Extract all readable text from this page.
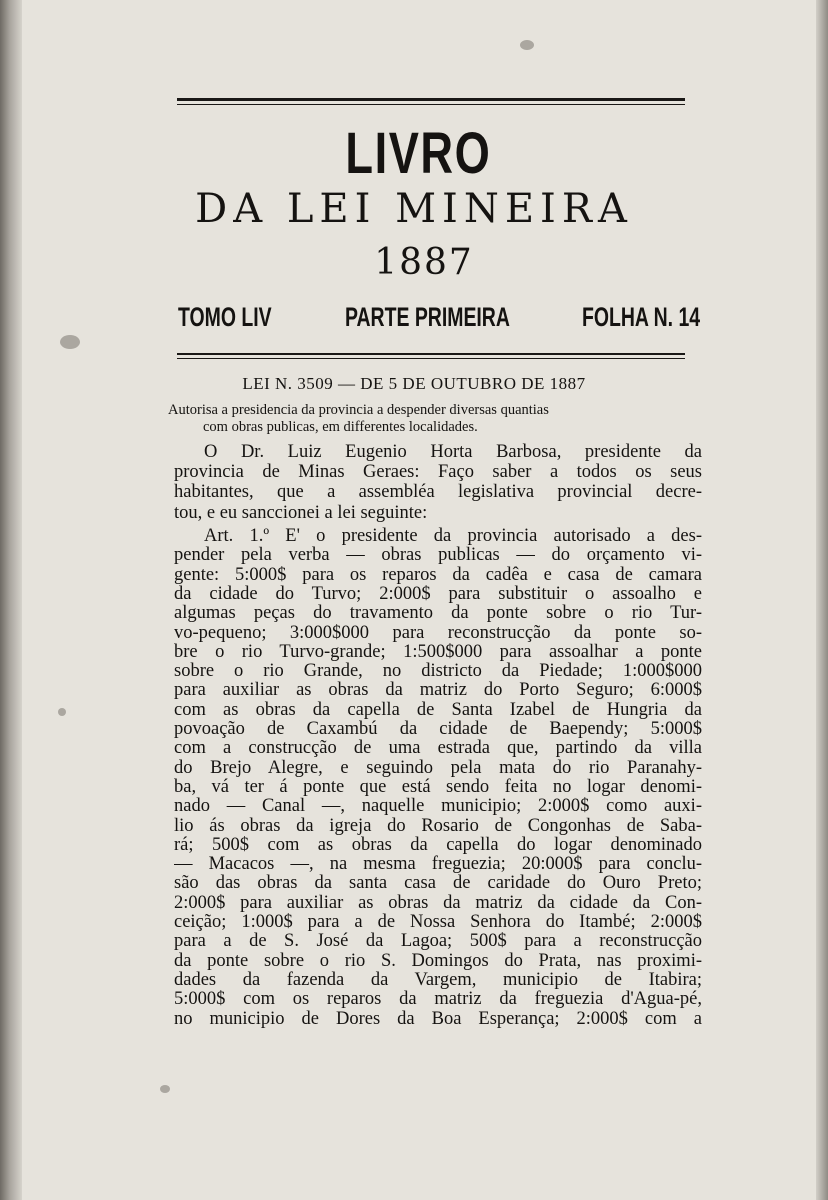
LIVRO
DA LEI MINEIRA
1887
TOMO LIV	PARTE PRIMEIRA	FOLHA N. 14
LEI N. 3509 — DE 5 DE OUTUBRO DE 1887
Autorisa a presidencia da provincia a despender diversas quantias
com obras publicas, em differentes localidades.
O Dr. Luiz Eugenio Horta Barbosa, presidente da
provincia de Minas Geraes: Faço saber a todos os seus
habitantes, que a assembléa legislativa provincial decre-
tou, e eu sanccionei a lei seguinte:
Art. 1.º E' o presidente da provincia autorisado a des-
pender pela verba — obras publicas — do orçamento vi-
gente: 5:000$ para os reparos da cadêa e casa de camara
da cidade do Turvo; 2:000$ para substituir o assoalho e
algumas peças do travamento da ponte sobre o rio Tur-
vo-pequeno; 3:000$000 para reconstrucção da ponte so-
bre o rio Turvo-grande; 1:500$000 para assoalhar a ponte
sobre o rio Grande, no districto da Piedade; 1:000$000
para auxiliar as obras da matriz do Porto Seguro; 6:000$
com as obras da capella de Santa Izabel de Hungria da
povoação de Caxambú da cidade de Baependy; 5:000$
com a construcção de uma estrada que, partindo da villa
do Brejo Alegre, e seguindo pela mata do rio Paranahy-
ba, vá ter á ponte que está sendo feita no logar denomi-
nado — Canal —, naquelle municipio; 2:000$ como auxi-
lio ás obras da igreja do Rosario de Congonhas de Saba-
rá; 500$ com as obras da capella do logar denominado
— Macacos —, na mesma freguezia; 20:000$ para conclu-
são das obras da santa casa de caridade do Ouro Preto;
2:000$ para auxiliar as obras da matriz da cidade da Con-
ceição; 1:000$ para a de Nossa Senhora do Itambé; 2:000$
para a de S. José da Lagoa; 500$ para a reconstrucção
da ponte sobre o rio S. Domingos do Prata, nas proximi-
dades da fazenda da Vargem, municipio de Itabira;
5:000$ com os reparos da matriz da freguezia d'Agua-pé,
no municipio de Dores da Boa Esperança; 2:000$ com a
